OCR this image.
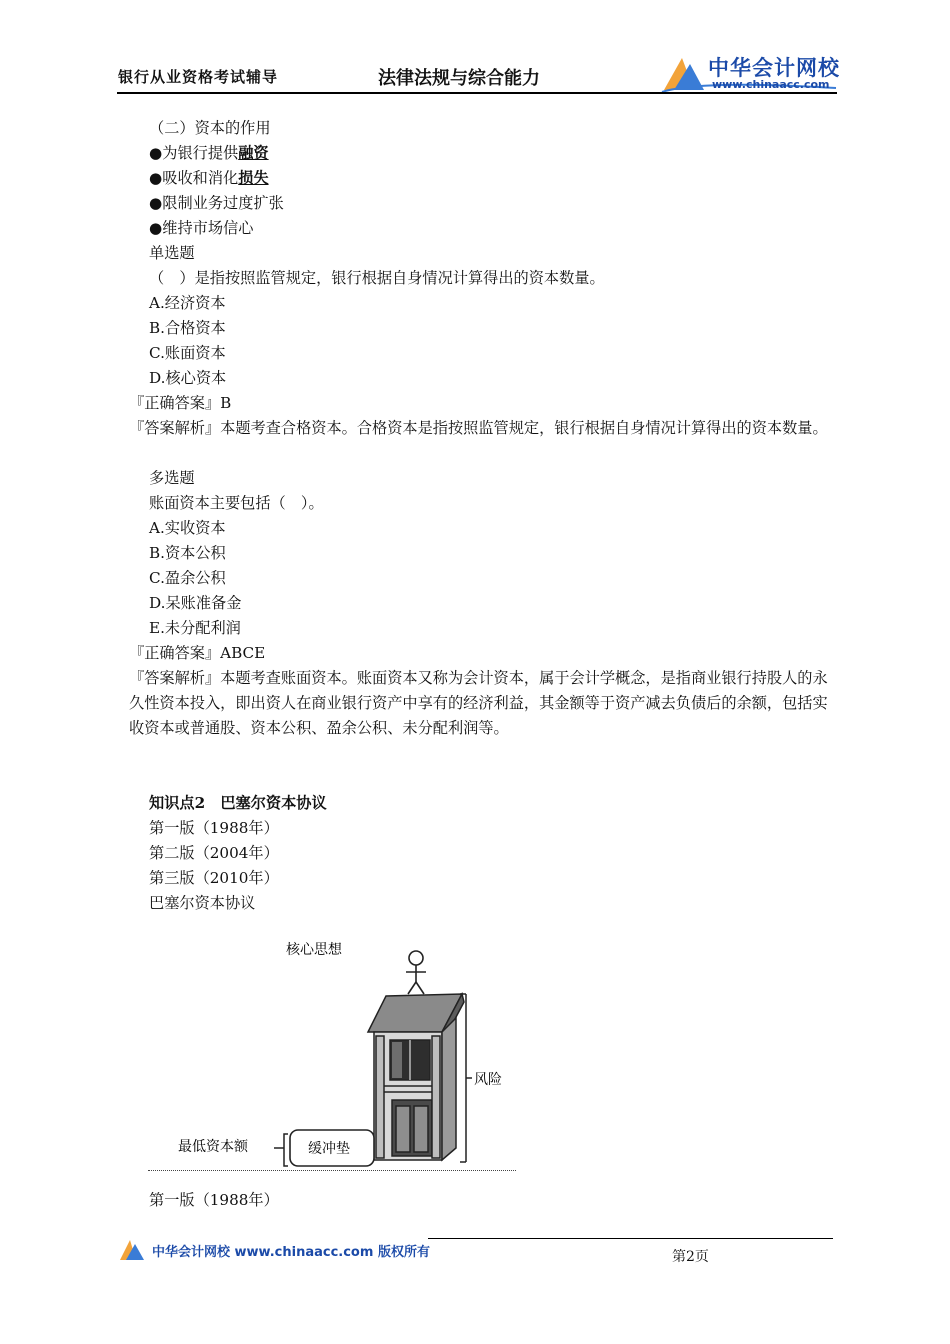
银行从业资格考试辅导	法律法规与综合能力	中华会计网校
www.chinaacc.com
（二）资本的作用
●为银行提供融资
●吸收和消化损失
●限制业务过度扩张
●维持市场信心
单选题
（　）是指按照监管规定，银行根据自身情况计算得出的资本数量。
A.经济资本
B.合格资本
C.账面资本
D.核心资本
『正确答案』B
『答案解析』本题考查合格资本。合格资本是指按照监管规定，银行根据自身情况计算得出的资本数量。
多选题
账面资本主要包括（　）。
A.实收资本
B.资本公积
C.盈余公积
D.呆账准备金
E.未分配利润
『正确答案』ABCE
『答案解析』本题考查账面资本。账面资本又称为会计资本，属于会计学概念，是指商业银行持股人的永久性资本投入，即出资人在商业银行资产中享有的经济利益，其金额等于资产减去负债后的余额，包括实收资本或普通股、资本公积、盈余公积、未分配利润等。
知识点2　巴塞尔资本协议
第一版（1988年）
第二版（2004年）
第三版（2010年）
巴塞尔资本协议
核心思想
风险
最低资本额	缓冲垫
第一版（1988年）
中华会计网校 www.chinaacc.com 版权所有	第2页
